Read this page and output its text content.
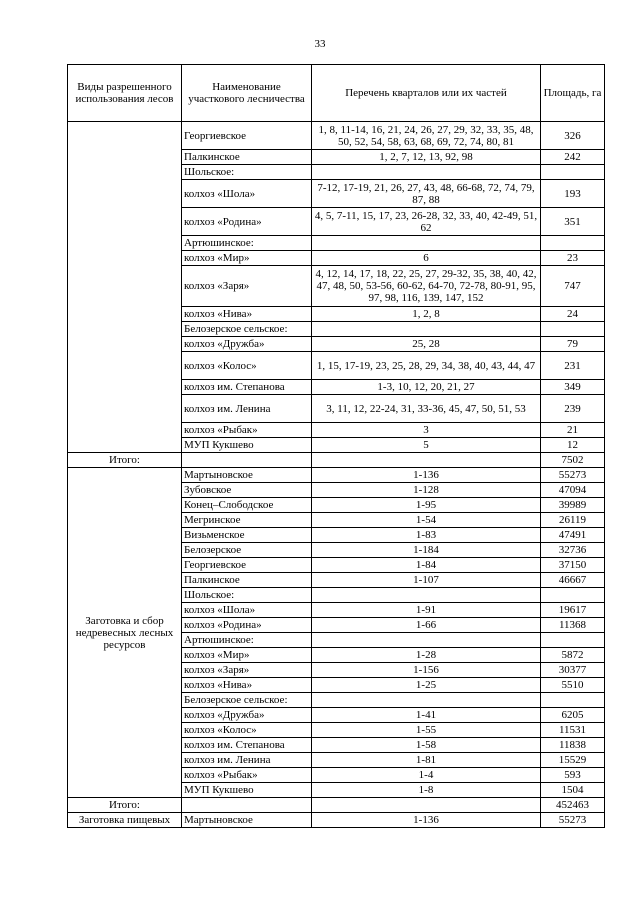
33
Виды разрешенного использования лесов	Наименование участкового лесничества	Перечень кварталов или их частей	Площадь, га
	Георгиевское	1, 8, 11-14, 16, 21, 24, 26, 27, 29, 32, 33, 35, 48, 50, 52, 54, 58, 63, 68, 69, 72, 74, 80, 81	326
	Палкинское	1, 2, 7, 12, 13, 92, 98	242
	Шольское:		
	колхоз «Шола»	7-12, 17-19, 21, 26, 27, 43, 48, 66-68, 72, 74, 79, 87, 88	193
	колхоз «Родина»	4, 5, 7-11, 15, 17, 23, 26-28, 32, 33, 40, 42-49, 51, 62	351
	Артюшинское:		
	колхоз «Мир»	6	23
	колхоз «Заря»	4, 12, 14, 17, 18, 22, 25, 27, 29-32, 35, 38, 40, 42, 47, 48, 50, 53-56, 60-62, 64-70, 72-78, 80-91, 95, 97, 98, 116, 139, 147, 152	747
	колхоз «Нива»	1, 2, 8	24
	Белозерское сельское:		
	колхоз «Дружба»	25, 28	79
	колхоз «Колос»	1, 15, 17-19, 23, 25, 28, 29, 34, 38, 40, 43, 44, 47	231
	колхоз им. Степанова	1-3, 10, 12, 20, 21, 27	349
	колхоз им. Ленина	3, 11, 12, 22-24, 31, 33-36, 45, 47, 50, 51, 53	239
	колхоз «Рыбак»	3	21
	МУП Кукшево	5	12
Итого:			7502
Заготовка и сбор недревесных лесных ресурсов	Мартыновское	1-136	55273
	Зубовское	1-128	47094
	Конец–Слободское	1-95	39989
	Мегринское	1-54	26119
	Визьменское	1-83	47491
	Белозерское	1-184	32736
	Георгиевское	1-84	37150
	Палкинское	1-107	46667
	Шольское:		
	колхоз «Шола»	1-91	19617
	колхоз «Родина»	1-66	11368
	Артюшинское:		
	колхоз «Мир»	1-28	5872
	колхоз «Заря»	1-156	30377
	колхоз «Нива»	1-25	5510
	Белозерское сельское:		
	колхоз «Дружба»	1-41	6205
	колхоз «Колос»	1-55	11531
	колхоз им. Степанова	1-58	11838
	колхоз им. Ленина	1-81	15529
	колхоз «Рыбак»	1-4	593
	МУП Кукшево	1-8	1504
Итого:			452463
Заготовка пищевых	Мартыновское	1-136	55273
